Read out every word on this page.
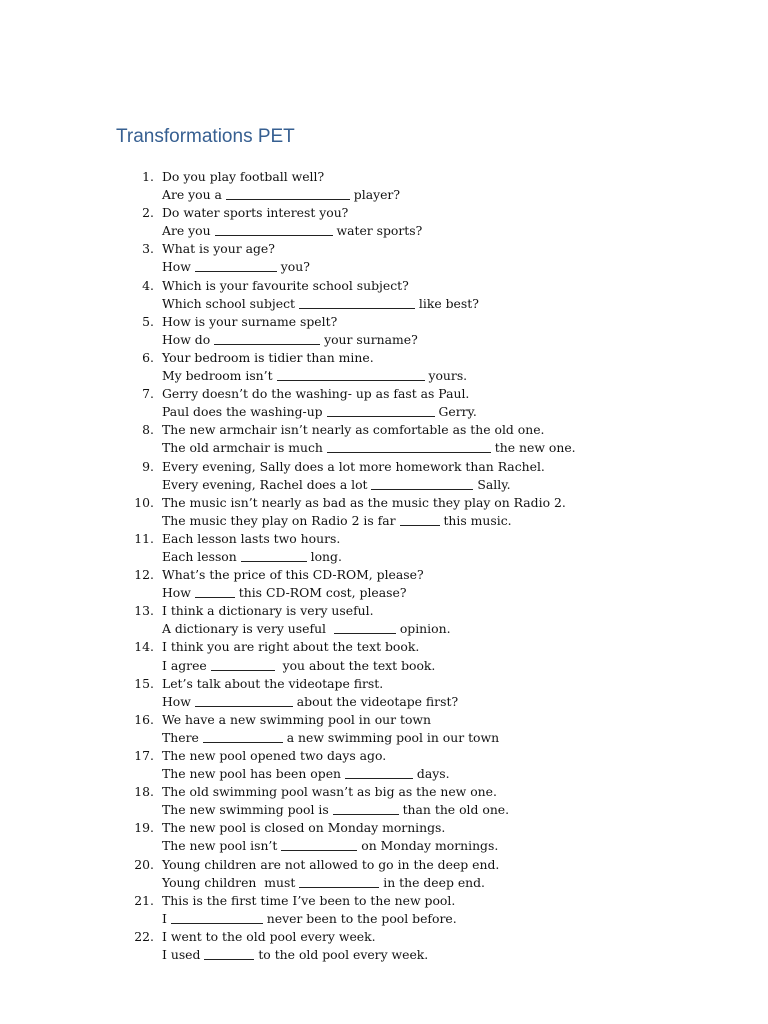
Transformations PET
1. Do you play football well?
Are you a	player?
2. Do water sports interest you?
Are you	water sports?
3. What is your age?
How	you?
4. Which is your favourite school subject?
Which school subject	like best?
5. How is your surname spelt?
How do	your surname?
6. Your bedroom is tidier than mine.
My bedroom isn’t	yours.
7. Gerry doesn’t do the washing- up as fast as Paul.
Paul does the washing-up	Gerry.
8. The new armchair isn’t nearly as comfortable as the old one.
The old armchair is much	the new one.
9. Every evening, Sally does a lot more homework than Rachel.
Every evening, Rachel does a lot	Sally.
10. The music isn’t nearly as bad as the music they play on Radio 2.
The music they play on Radio 2 is far	this music.
11. Each lesson lasts two hours.
Each lesson	long.
12. What’s the price of this CD-ROM, please?
How	this CD-ROM cost, please?
13. I think a dictionary is very useful.
A dictionary is very useful	opinion.
14. I think you are right about the text book.
I agree	you about the text book.
15. Let’s talk about the videotape first.
How	about the videotape first?
16. We have a new swimming pool in our town
There	a new swimming pool in our town
17. The new pool opened two days ago.
The new pool has been open	days.
18. The old swimming pool wasn’t as big as the new one.
The new swimming pool is	than the old one.
19. The new pool is closed on Monday mornings.
The new pool isn’t	on Monday mornings.
20. Young children are not allowed to go in the deep end.
Young children  must	in the deep end.
21. This is the first time I’ve been to the new pool.
I	never been to the pool before.
22. I went to the old pool every week.
I used	to the old pool every week.
